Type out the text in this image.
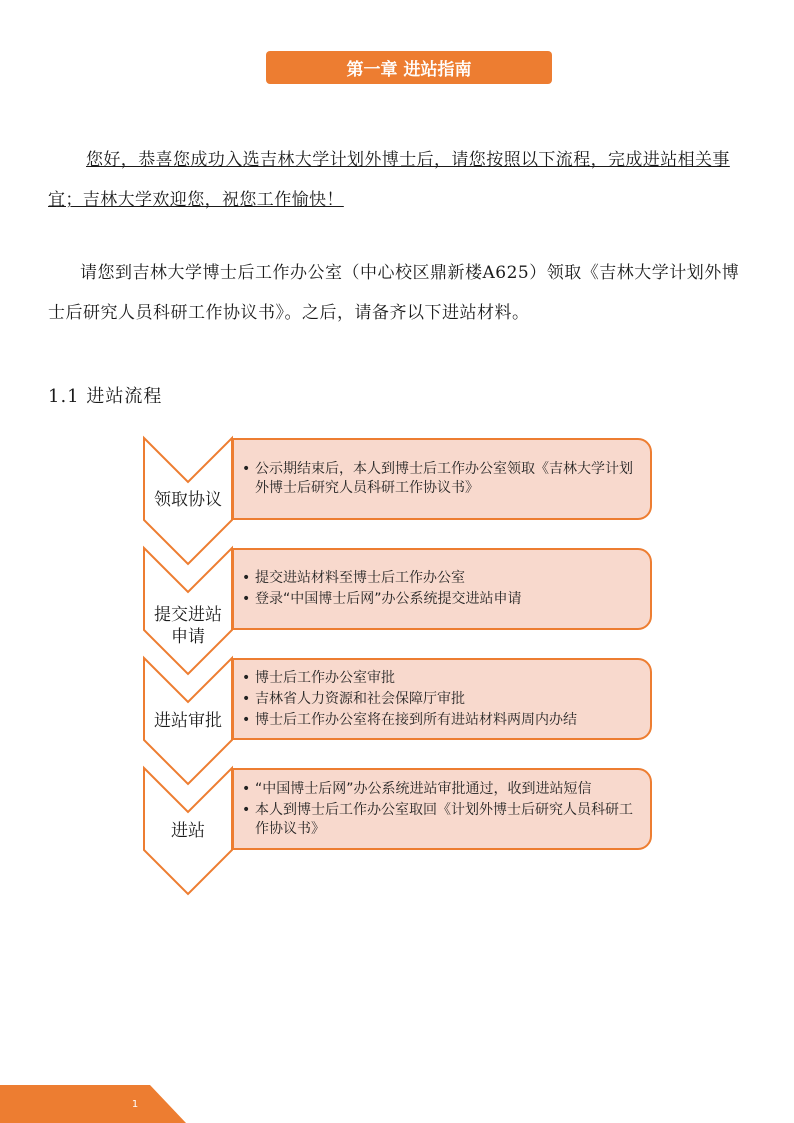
第一章 进站指南
您好，恭喜您成功入选吉林大学计划外博士后，请您按照以下流程，完成进站相关事宜；吉林大学欢迎您，祝您工作愉快！
请您到吉林大学博士后工作办公室（中心校区鼎新楼A625）领取《吉林大学计划外博士后研究人员科研工作协议书》。之后，请备齐以下进站材料。
1.1 进站流程
领取协议
• 公示期结束后，本人到博士后工作办公室领取《吉林大学计划外博士后研究人员科研工作协议书》
提交进站
申请
• 提交进站材料至博士后工作办公室
• 登录“中国博士后网”办公系统提交进站申请
进站审批
• 博士后工作办公室审批
• 吉林省人力资源和社会保障厅审批
• 博士后工作办公室将在接到所有进站材料两周内办结
进站
• “中国博士后网”办公系统进站审批通过，收到进站短信
• 本人到博士后工作办公室取回《计划外博士后研究人员科研工作协议书》
1
